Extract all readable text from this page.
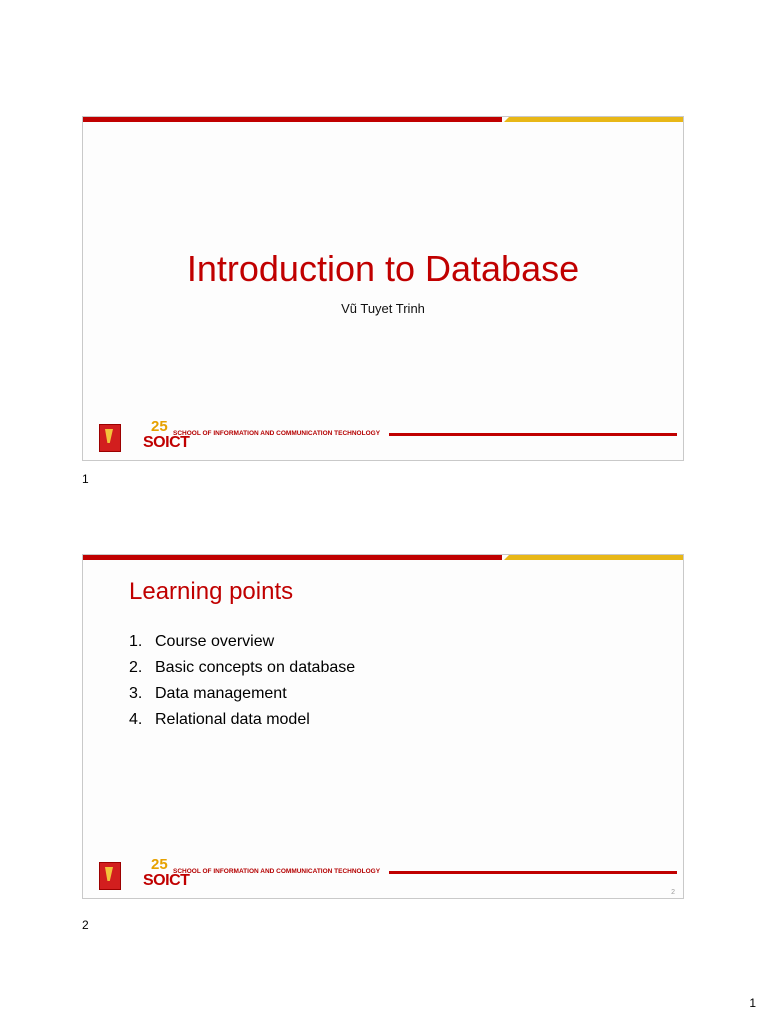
Introduction to Database
Vũ Tuyet Trinh
25
SOICT
SCHOOL OF INFORMATION AND COMMUNICATION TECHNOLOGY
1
Learning points
1. Course overview
2. Basic concepts on database
3. Data management
4. Relational data model
25
SOICT
SCHOOL OF INFORMATION AND COMMUNICATION TECHNOLOGY
2
2
1
